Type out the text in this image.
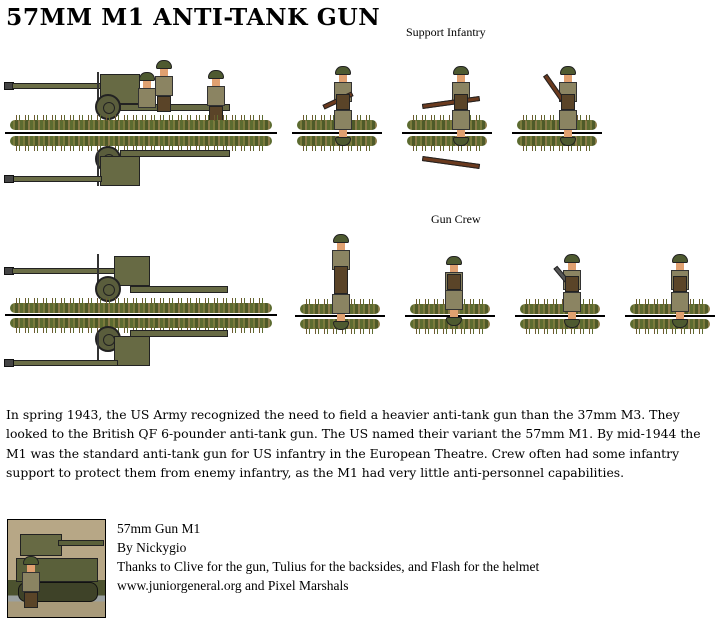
57MM M1 ANTI-TANK GUN
Support Infantry
Gun Crew
In spring 1943, the US Army recognized the need to field a heavier anti-tank gun than the 37mm M3. They looked to the British QF 6-pounder anti-tank gun. The US named their variant the 57mm M1. By mid-1944 the M1 was the standard anti-tank gun for US infantry in the European Theatre. Crew often had some infantry support to protect them from enemy infantry, as the M1 had very little anti-personnel capabilities.
57mm Gun M1
By Nickygio
Thanks to Clive for the gun, Tulius for the backsides, and Flash for the helmet
www.juniorgeneral.org and Pixel Marshals
